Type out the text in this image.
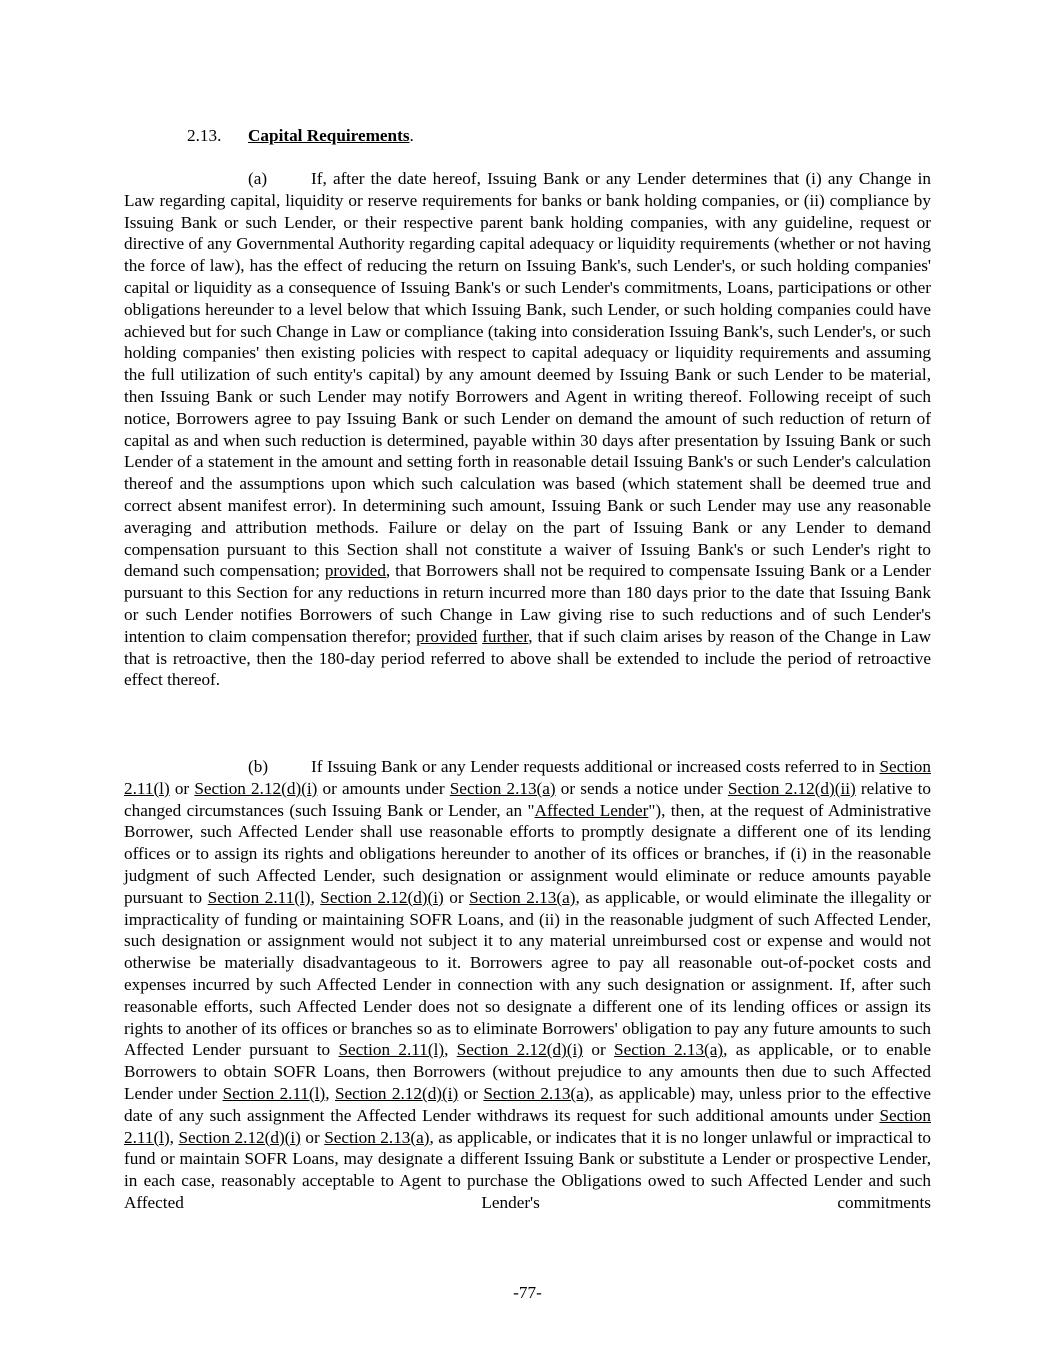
2.13. Capital Requirements.

(a)	If, after the date hereof, Issuing Bank or any Lender determines that (i) any Change in Law regarding capital, liquidity or reserve requirements for banks or bank holding companies, or (ii) compliance by Issuing Bank or such Lender, or their respective parent bank holding companies, with any guideline, request or directive of any Governmental Authority regarding capital adequacy or liquidity requirements (whether or not having the force of law), has the effect of reducing the return on Issuing Bank's, such Lender's, or such holding companies' capital or liquidity as a consequence of Issuing Bank's or such Lender's commitments, Loans, participations or other obligations hereunder to a level below that which Issuing Bank, such Lender, or such holding companies could have achieved but for such Change in Law or compliance (taking into consideration Issuing Bank's, such Lender's, or such holding companies' then existing policies with respect to capital adequacy or liquidity requirements and assuming the full utilization of such entity's capital) by any amount deemed by Issuing Bank or such Lender to be material, then Issuing Bank or such Lender may notify Borrowers and Agent in writing thereof. Following receipt of such notice, Borrowers agree to pay Issuing Bank or such Lender on demand the amount of such reduction of return of capital as and when such reduction is determined, payable within 30 days after presentation by Issuing Bank or such Lender of a statement in the amount and setting forth in reasonable detail Issuing Bank's or such Lender's calculation thereof and the assumptions upon which such calculation was based (which statement shall be deemed true and correct absent manifest error). In determining such amount, Issuing Bank or such Lender may use any reasonable averaging and attribution methods. Failure or delay on the part of Issuing Bank or any Lender to demand compensation pursuant to this Section shall not constitute a waiver of Issuing Bank's or such Lender's right to demand such compensation; provided, that Borrowers shall not be required to compensate Issuing Bank or a Lender pursuant to this Section for any reductions in return incurred more than 180 days prior to the date that Issuing Bank or such Lender notifies Borrowers of such Change in Law giving rise to such reductions and of such Lender's intention to claim compensation therefor; provided further, that if such claim arises by reason of the Change in Law that is retroactive, then the 180-day period referred to above shall be extended to include the period of retroactive effect thereof.

(b) If Issuing Bank or any Lender requests additional or increased costs referred to in Section 2.11(l) or Section 2.12(d)(i) or amounts under Section 2.13(a) or sends a notice under Section 2.12(d)(ii) relative to changed circumstances (such Issuing Bank or Lender, an "Affected Lender"), then, at the request of Administrative Borrower, such Affected Lender shall use reasonable efforts to promptly designate a different one of its lending offices or to assign its rights and obligations hereunder to another of its offices or branches, if (i) in the reasonable judgment of such Affected Lender, such designation or assignment would eliminate or reduce amounts payable pursuant to Section 2.11(l), Section 2.12(d)(i) or Section 2.13(a), as applicable, or would eliminate the illegality or impracticality of funding or maintaining SOFR Loans, and (ii) in the reasonable judgment of such Affected Lender, such designation or assignment would not subject it to any material unreimbursed cost or expense and would not otherwise be materially disadvantageous to it. Borrowers agree to pay all reasonable out-of-pocket costs and expenses incurred by such Affected Lender in connection with any such designation or assignment. If, after such reasonable efforts, such Affected Lender does not so designate a different one of its lending offices or assign its rights to another of its offices or branches so as to eliminate Borrowers' obligation to pay any future amounts to such Affected Lender pursuant to Section 2.11(l), Section 2.12(d)(i) or Section 2.13(a), as applicable, or to enable Borrowers to obtain SOFR Loans, then Borrowers (without prejudice to any amounts then due to such Affected Lender under Section 2.11(l), Section 2.12(d)(i) or Section 2.13(a), as applicable) may, unless prior to the effective date of any such assignment the Affected Lender withdraws its request for such additional amounts under Section 2.11(l), Section 2.12(d)(i) or Section 2.13(a), as applicable, or indicates that it is no longer unlawful or impractical to fund or maintain SOFR Loans, may designate a different Issuing Bank or substitute a Lender or prospective Lender, in each case, reasonably acceptable to Agent to purchase the Obligations owed to such Affected Lender and such Affected Lender's commitments

-77-
